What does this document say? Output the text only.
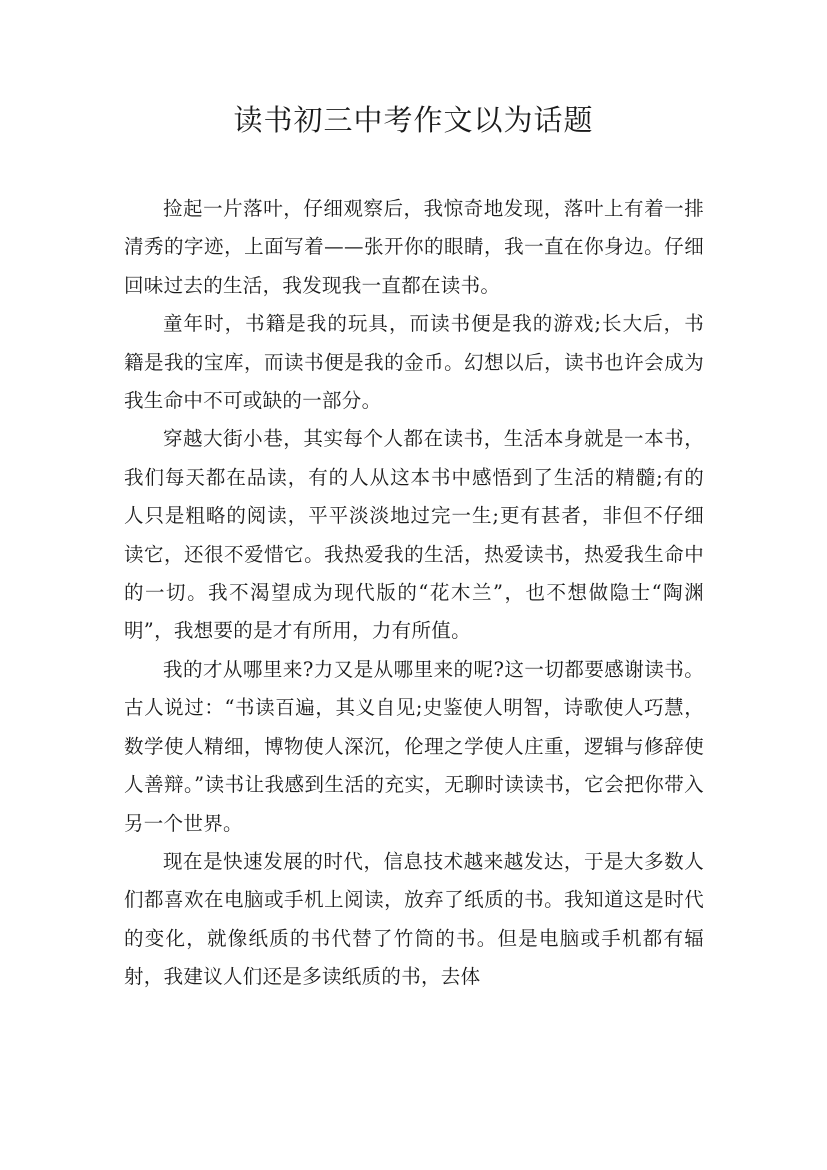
读书初三中考作文以为话题

捡起一片落叶，仔细观察后，我惊奇地发现，落叶上有着一排清秀的字迹，上面写着——张开你的眼睛，我一直在你身边。仔细回味过去的生活，我发现我一直都在读书。

童年时，书籍是我的玩具，而读书便是我的游戏;长大后，书籍是我的宝库，而读书便是我的金币。幻想以后，读书也许会成为我生命中不可或缺的一部分。

穿越大街小巷，其实每个人都在读书，生活本身就是一本书，我们每天都在品读，有的人从这本书中感悟到了生活的精髓;有的人只是粗略的阅读，平平淡淡地过完一生;更有甚者，非但不仔细读它，还很不爱惜它。我热爱我的生活，热爱读书，热爱我生命中的一切。我不渴望成为现代版的“花木兰”，也不想做隐士“陶渊明”，我想要的是才有所用，力有所值。

我的才从哪里来?力又是从哪里来的呢?这一切都要感谢读书。古人说过：“书读百遍，其义自见;史鉴使人明智，诗歌使人巧慧，数学使人精细，博物使人深沉，伦理之学使人庄重，逻辑与修辞使人善辩。”读书让我感到生活的充实，无聊时读读书，它会把你带入另一个世界。

现在是快速发展的时代，信息技术越来越发达，于是大多数人们都喜欢在电脑或手机上阅读，放弃了纸质的书。我知道这是时代的变化，就像纸质的书代替了竹筒的书。但是电脑或手机都有辐射，我建议人们还是多读纸质的书，去体
